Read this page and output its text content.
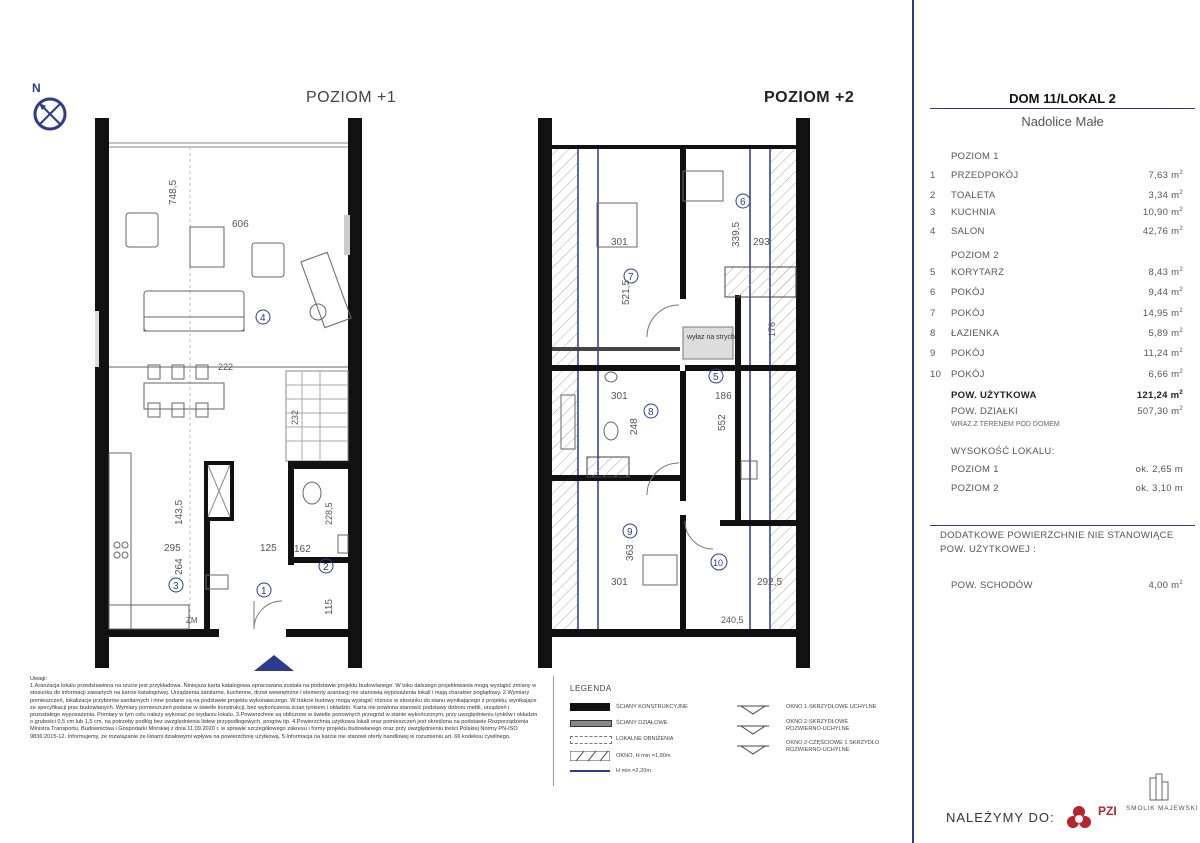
POZIOM +1	POZIOM +2
N
748,5
606
143,5
264
295	125 162
115
228,5
222
232
ZM
4
3
2
1
wyłaz na strych
301
521,5
339,5 293
301
248
186
552
363
301	292,5
240,5
176
5
6
7
8
9
10
DOM 11/LOKAL 2
Nadolice Małe
POZIOM 1
1 PRZEDPOKÓJ	7,63 $m^2$
2 TOALETA	3,34 $m^2$
3 KUCHNIA	10,90 $m^2$
4 SALON	42,76 $m^2$
POZIOM 2
5 KORYTARZ	8,43 $m^2$
6 POKÓJ	9,44 $m^2$
7 POKÓJ	14,95 $m^2$
8 ŁAZIENKA	5,89 $m^2$
9 POKÓJ	11,24 $m^2$
10 POKÓJ	6,66 $m^2$
POW. UŻYTKOWA	121,24 $m^2$
POW. DZIAŁKI	507,30 $m^2$
WRAZ Z TERENEM POD DOMEM
WYSOKOŚĆ LOKALU:
POZIOM 1	ok. 2,65 m
POZIOM 2	ok. 3,10 m
DODATKOWE POWIERZCHNIE NIE STANOWIĄCE
POW. UŻYTKOWEJ :
POW. SCHODÓW	4,00 $m^2$
Uwagi:
1.Aranżacja lokalu przedstawiona na rzucie jest przykładowa. Niniejsza karta katalogowa opracowana została na podstawie projektu budowlanego. W toku dalszego projektowania mogą wystąpić zmiany w stosunku do informacji zawartych na karcie katalogowej. Urządzenia sanitarne, kuchenne, drzwi wewnętrzne i elementy aranżacji nie stanowią wyposażenia lokali i mają charakter poglądowy. 2.Wymiary pomieszczeń, lokalizacje przyborów sanitarnych i inne podane są na podstawie projektu wykonawczego. W trakcie budowy mogą wystąpić różnice w stosunku do stanu wynikającego z projektu, wynikające ze specyfikacji prac budowlanych. Wymiary pomieszczeń podane w świetle konstrukcji, bez wykończenia ścian tynkiem i okładzin. Karta nie powinna stanowić podstawy doboru mebli, urządzeń i pozostałego wyposażenia. Pomiary w tym celu należy wykonać po wydaniu lokalu. 3.Powierzchnie są obliczone w świetle ponownych przegród w stanie wykończonym, przy uwzględnieniu tynków i okładzin o grubości 0,5 cm lub 1,5 cm, na potrzeby podłóg bez uwzględnienia listew przypodłogowych, progów itp. 4.Powierzchnia użytkowa lokali oraz pomieszczeń jest określona na podstawie Rozporządzenia Ministra Transportu, Budownictwa i Gospodarki Morskiej z dnia 11.09.2020 r. w sprawie szczegółowego zakresu i formy projektu budowlanego oraz przy uwzględnieniu treści Polskiej Normy PN-ISO 9836:2015-12. Informujemy, że rozwiązanie ze listami działowymi wpływa na powierzchnię użytkową. 5.Informacja na karcie nie stanowi oferty handlowej w rozumieniu art. 66 kodeksu cywilnego.
LEGENDA
ŚCIANY KONSTRUKCYJNE
ŚCIANY DZIAŁOWE
LOKALNE OBNIŻENIA
OKNO, H min =1,90m
H min =2,20m
OKNO 1-SKRZYDŁOWE UCHYLNE
OKNO 2-SKRZYDŁOWE ROZWIERNO-UCHYLNE
OKNO 2-CZĘŚCIOWE 1 SKRZYDŁO ROZWIERNO-UCHYLNE
NALEŻYMY DO:	PZI SMOLIK MAJEWSKI
